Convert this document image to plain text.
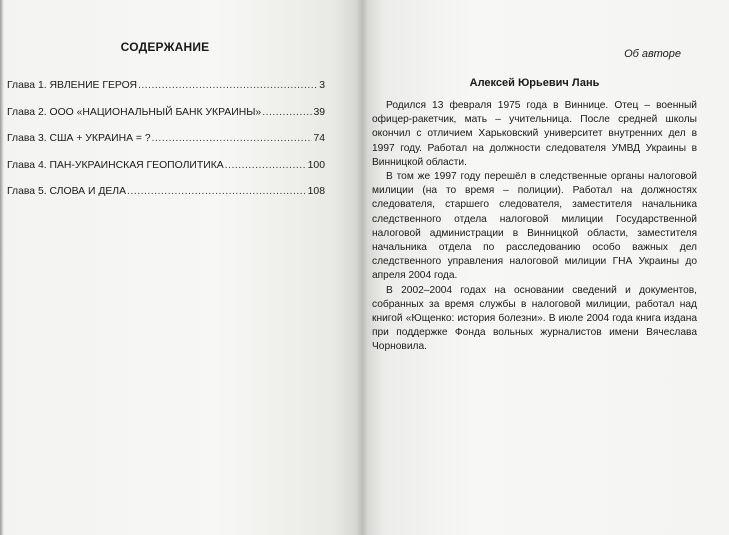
СОДЕРЖАНИЕ
Глава 1. ЯВЛЕНИЕ ГЕРОЯ .....	3
Глава 2. ООО «НАЦИОНАЛЬНЫЙ БАНК УКРАИНЫ» .....	39
Глава 3. США + УКРАИНА = ? .....	74
Глава 4. ПАН-УКРАИНСКАЯ ГЕОПОЛИТИКА .....	100
Глава 5. СЛОВА И ДЕЛА .....	108
Об авторе
Алексей Юрьевич Лань

Родился 13 февраля 1975 года в Виннице. Отец – военный офицер-ракетчик, мать – учительница. После средней школы окончил с отличием Харьковский университет внутренних дел в 1997 году. Работал на должности следователя УМВД Украины в Винницкой области.

В том же 1997 году перешёл в следственные органы налоговой милиции (на то время – полиции). Работал на должностях следователя, старшего следователя, заместителя начальника следственного отдела налоговой милиции Государственной налоговой администрации в Винницкой области, заместителя начальника отдела по расследованию особо важных дел следственного управления налоговой милиции ГНА Украины до апреля 2004 года.

В 2002–2004 годах на основании сведений и документов, собранных за время службы в налоговой милиции, работал над книгой «Ющенко: история болезни». В июле 2004 года книга издана при поддержке Фонда вольных журналистов имени Вячеслава Чорновила.
